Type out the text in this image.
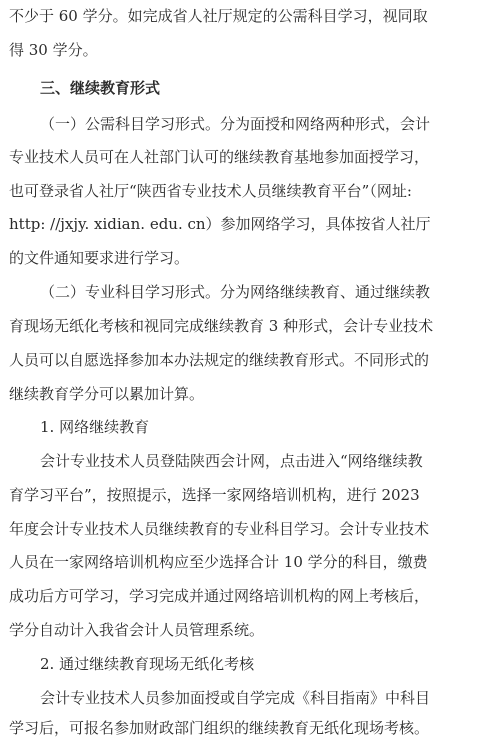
不少于 60 学分。如完成省人社厅规定的公需科目学习，视同取
得 30 学分。
三、继续教育形式
（一）公需科目学习形式。分为面授和网络两种形式，会计
专业技术人员可在人社部门认可的继续教育基地参加面授学习，
也可登录省人社厅“陕西省专业技术人员继续教育平台”（网址:
http: //jxjy. xidian. edu. cn）参加网络学习，具体按省人社厅
的文件通知要求进行学习。
（二）专业科目学习形式。分为网络继续教育、通过继续教
育现场无纸化考核和视同完成继续教育 3 种形式，会计专业技术
人员可以自愿选择参加本办法规定的继续教育形式。不同形式的
继续教育学分可以累加计算。
1. 网络继续教育
会计专业技术人员登陆陕西会计网，点击进入“网络继续教
育学习平台”，按照提示，选择一家网络培训机构，进行 2023
年度会计专业技术人员继续教育的专业科目学习。会计专业技术
人员在一家网络培训机构应至少选择合计 10 学分的科目，缴费
成功后方可学习，学习完成并通过网络培训机构的网上考核后，
学分自动计入我省会计人员管理系统。
2. 通过继续教育现场无纸化考核
会计专业技术人员参加面授或自学完成《科目指南》中科目
学习后，可报名参加财政部门组织的继续教育无纸化现场考核。
